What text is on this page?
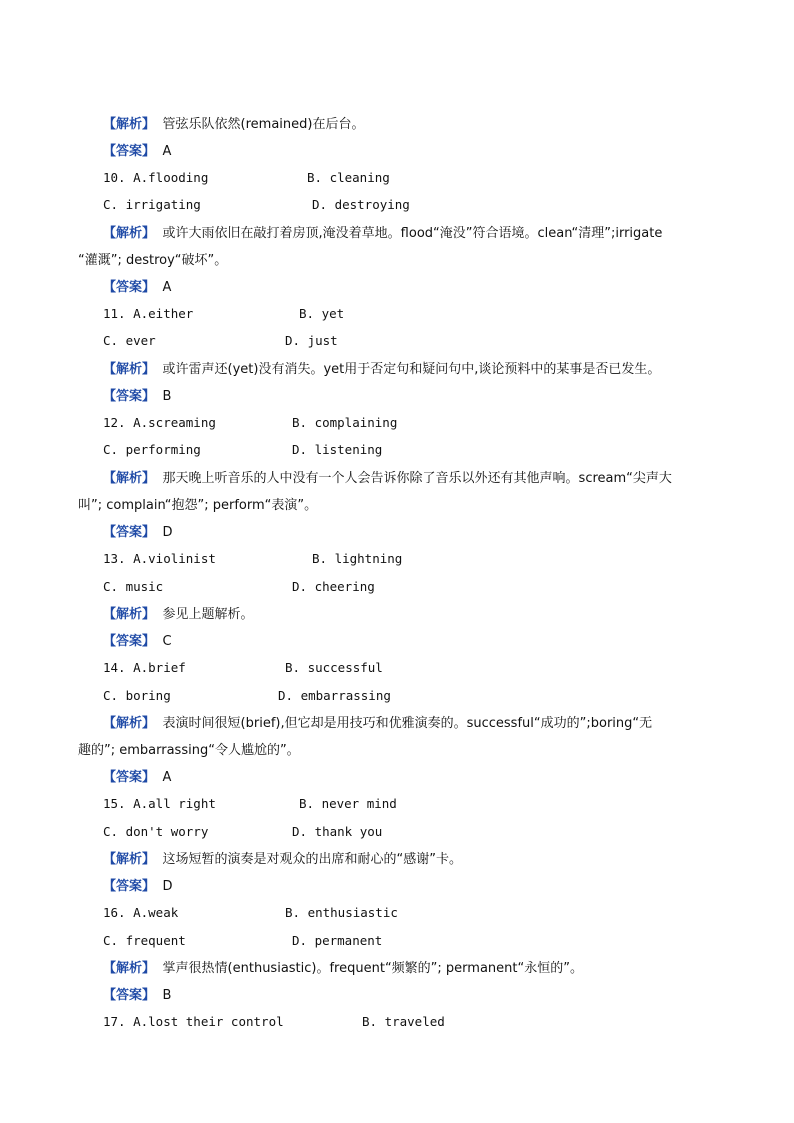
【解析】 管弦乐队依然(remained)在后台。
【答案】 A
10. A.flooding	B. cleaning
C. irrigating	D. destroying
【解析】 或许大雨依旧在敲打着房顶,淹没着草地。flood“淹没”符合语境。clean“清理”;irrigate
“灌溉”; destroy“破坏”。
【答案】 A
11. A.either	B. yet
C. ever	D. just
【解析】 或许雷声还(yet)没有消失。yet用于否定句和疑问句中,谈论预料中的某事是否已发生。
【答案】 B
12. A.screaming	B. complaining
C. performing	D. listening
【解析】 那天晚上听音乐的人中没有一个人会告诉你除了音乐以外还有其他声响。scream“尖声大
叫”; complain“抱怨”; perform“表演”。
【答案】 D
13. A.violinist	B. lightning
C. music	D. cheering
【解析】 参见上题解析。
【答案】 C
14. A.brief	B. successful
C. boring	D. embarrassing
【解析】 表演时间很短(brief),但它却是用技巧和优雅演奏的。successful“成功的”;boring“无
趣的”; embarrassing“令人尴尬的”。
【答案】 A
15. A.all right	B. never mind
C. don't worry	D. thank you
【解析】 这场短暂的演奏是对观众的出席和耐心的“感谢”卡。
【答案】 D
16. A.weak	B. enthusiastic
C. frequent	D. permanent
【解析】 掌声很热情(enthusiastic)。frequent“频繁的”; permanent“永恒的”。
【答案】 B
17. A.lost their control	B. traveled
